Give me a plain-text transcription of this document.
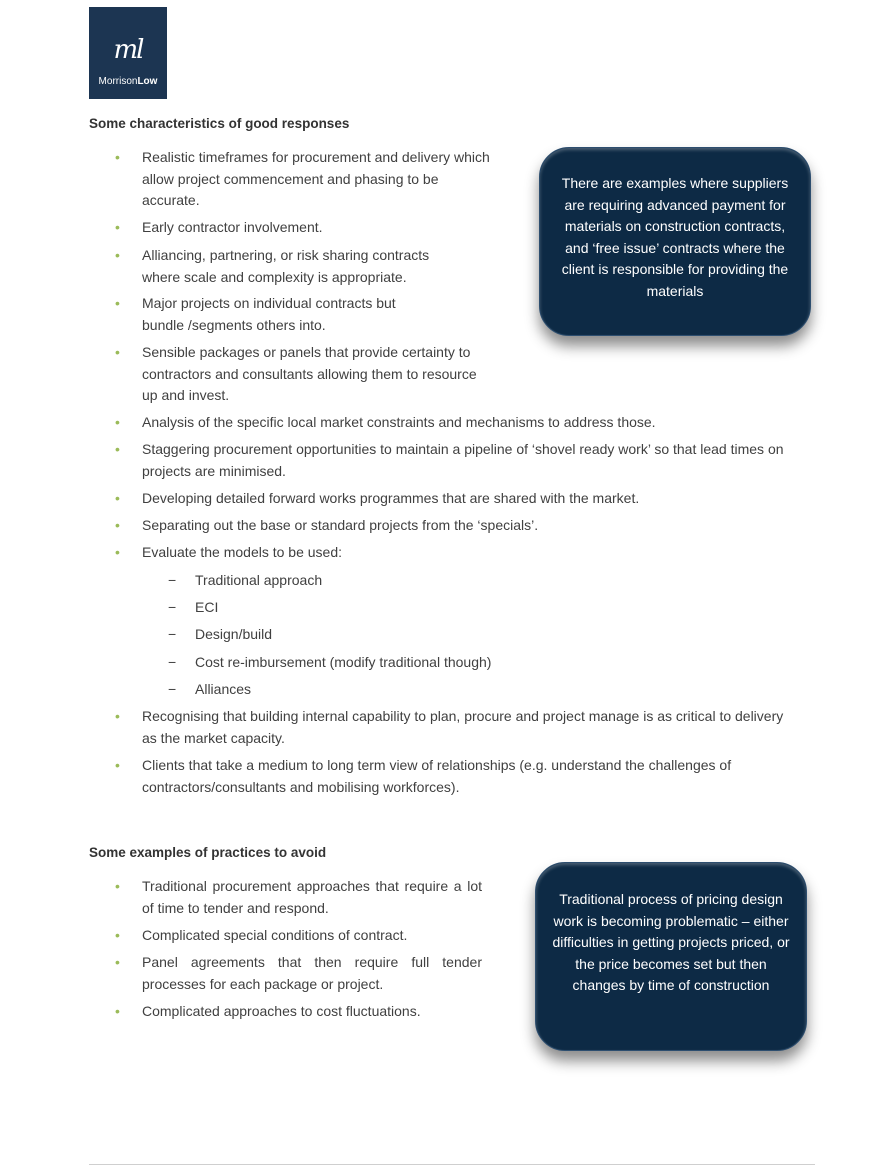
ml
MorrisonLow
Some characteristics of good responses
• Realistic timeframes for procurement and delivery which allow project commencement and phasing to be accurate.
• Early contractor involvement.
• Alliancing, partnering, or risk sharing contracts where scale and complexity is appropriate.
• Major projects on individual contracts but bundle /segments others into.
• Sensible packages or panels that provide certainty to contractors and consultants allowing them to resource up and invest.
• Analysis of the specific local market constraints and mechanisms to address those.
• Staggering procurement opportunities to maintain a pipeline of ‘shovel ready work’ so that lead times on projects are minimised.
• Developing detailed forward works programmes that are shared with the market.
• Separating out the base or standard projects from the ‘specials’.
• Evaluate the models to be used:
− Traditional approach
− ECI
− Design/build
− Cost re-imbursement (modify traditional though)
− Alliances
• Recognising that building internal capability to plan, procure and project manage is as critical to delivery as the market capacity.
• Clients that take a medium to long term view of relationships (e.g. understand the challenges of contractors/consultants and mobilising workforces).
There are examples where suppliers are requiring advanced payment for materials on construction contracts, and ‘free issue’ contracts where the client is responsible for providing the materials
Some examples of practices to avoid
• Traditional procurement approaches that require a lot of time to tender and respond.
• Complicated special conditions of contract.
• Panel agreements that then require full tender processes for each package or project.
• Complicated approaches to cost fluctuations.
Traditional process of pricing design work is becoming problematic – either difficulties in getting projects priced, or the price becomes set but then changes by time of construction
